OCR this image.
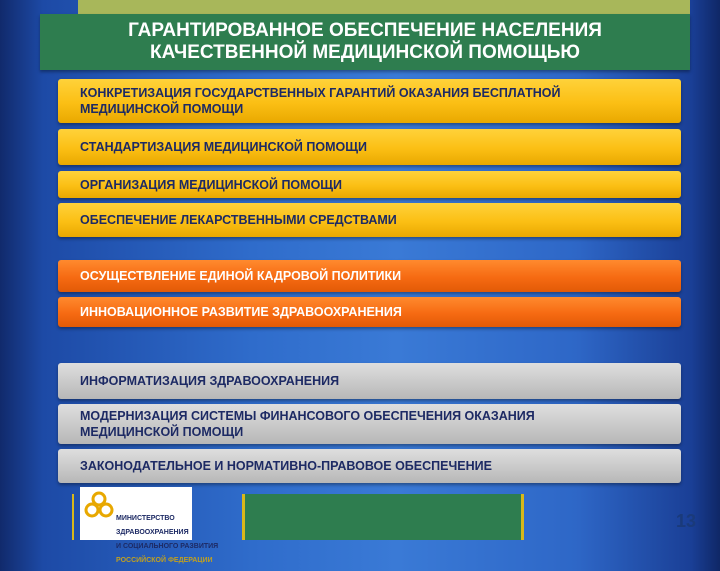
ГАРАНТИРОВАННОЕ ОБЕСПЕЧЕНИЕ НАСЕЛЕНИЯ
КАЧЕСТВЕННОЙ МЕДИЦИНСКОЙ ПОМОЩЬЮ
КОНКРЕТИЗАЦИЯ ГОСУДАРСТВЕННЫХ ГАРАНТИЙ ОКАЗАНИЯ БЕСПЛАТНОЙ
МЕДИЦИНСКОЙ ПОМОЩИ
СТАНДАРТИЗАЦИЯ МЕДИЦИНСКОЙ ПОМОЩИ
ОРГАНИЗАЦИЯ МЕДИЦИНСКОЙ ПОМОЩИ
ОБЕСПЕЧЕНИЕ ЛЕКАРСТВЕННЫМИ СРЕДСТВАМИ
ОСУЩЕСТВЛЕНИЕ ЕДИНОЙ КАДРОВОЙ ПОЛИТИКИ
ИННОВАЦИОННОЕ РАЗВИТИЕ ЗДРАВООХРАНЕНИЯ
ИНФОРМАТИЗАЦИЯ ЗДРАВООХРАНЕНИЯ
МОДЕРНИЗАЦИЯ СИСТЕМЫ ФИНАНСОВОГО ОБЕСПЕЧЕНИЯ ОКАЗАНИЯ
МЕДИЦИНСКОЙ ПОМОЩИ
ЗАКОНОДАТЕЛЬНОЕ И НОРМАТИВНО-ПРАВОВОЕ ОБЕСПЕЧЕНИЕ

МИНИСТЕРСТВО

ЗДРАВООХРАНЕНИЯ

И СОЦИАЛЬНОГО РАЗВИТИЯ

РОССИЙСКОЙ ФЕДЕРАЦИИ

13
